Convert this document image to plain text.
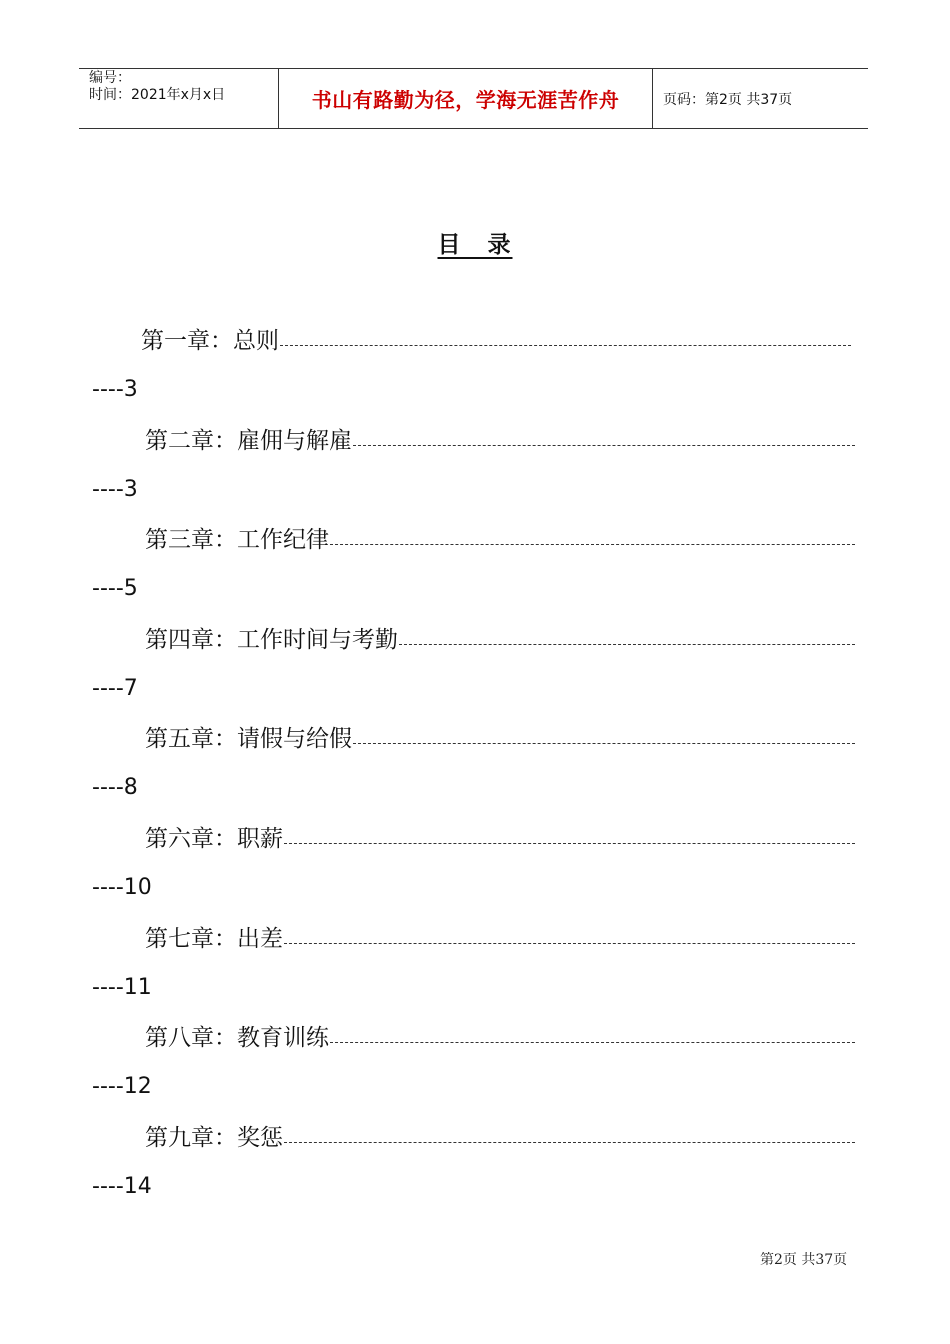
编号：
时间：2021年x月x日	书山有路勤为径，学海无涯苦作舟	页码：第2页 共37页
目　录
第一章：总则
----3
第二章：雇佣与解雇
----3
第三章：工作纪律
----5
第四章：工作时间与考勤
----7
第五章：请假与给假
----8
第六章：职薪
----10
第七章：出差
----11
第八章：教育训练
----12
第九章：奖惩
----14
第2页 共37页
